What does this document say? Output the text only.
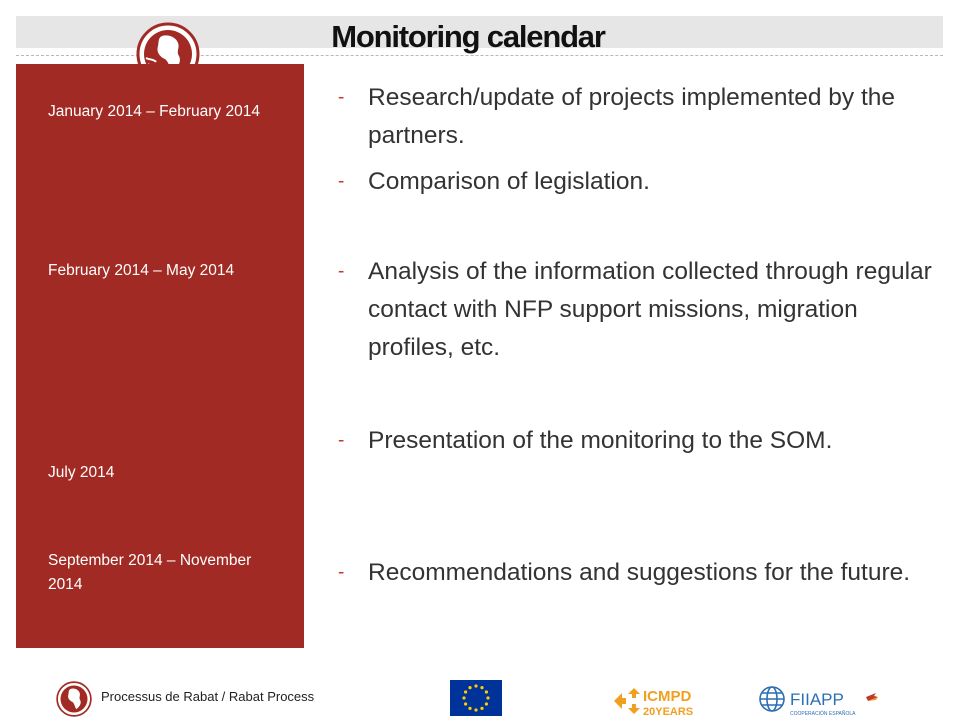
Monitoring calendar
January 2014 – February 2014
February 2014 – May 2014
July 2014
September 2014 – November 2014
- Research/update of projects implemented by the partners.
- Comparison of legislation.
- Analysis of the information collected through regular contact with NFP support missions, migration profiles, etc.
- Presentation of the monitoring to the SOM.
- Recommendations and suggestions for the future.
Processus de Rabat / Rabat Process	ICMPD
20YEARS
FIIAPP
COOPERACIÓN ESPAÑOLA
